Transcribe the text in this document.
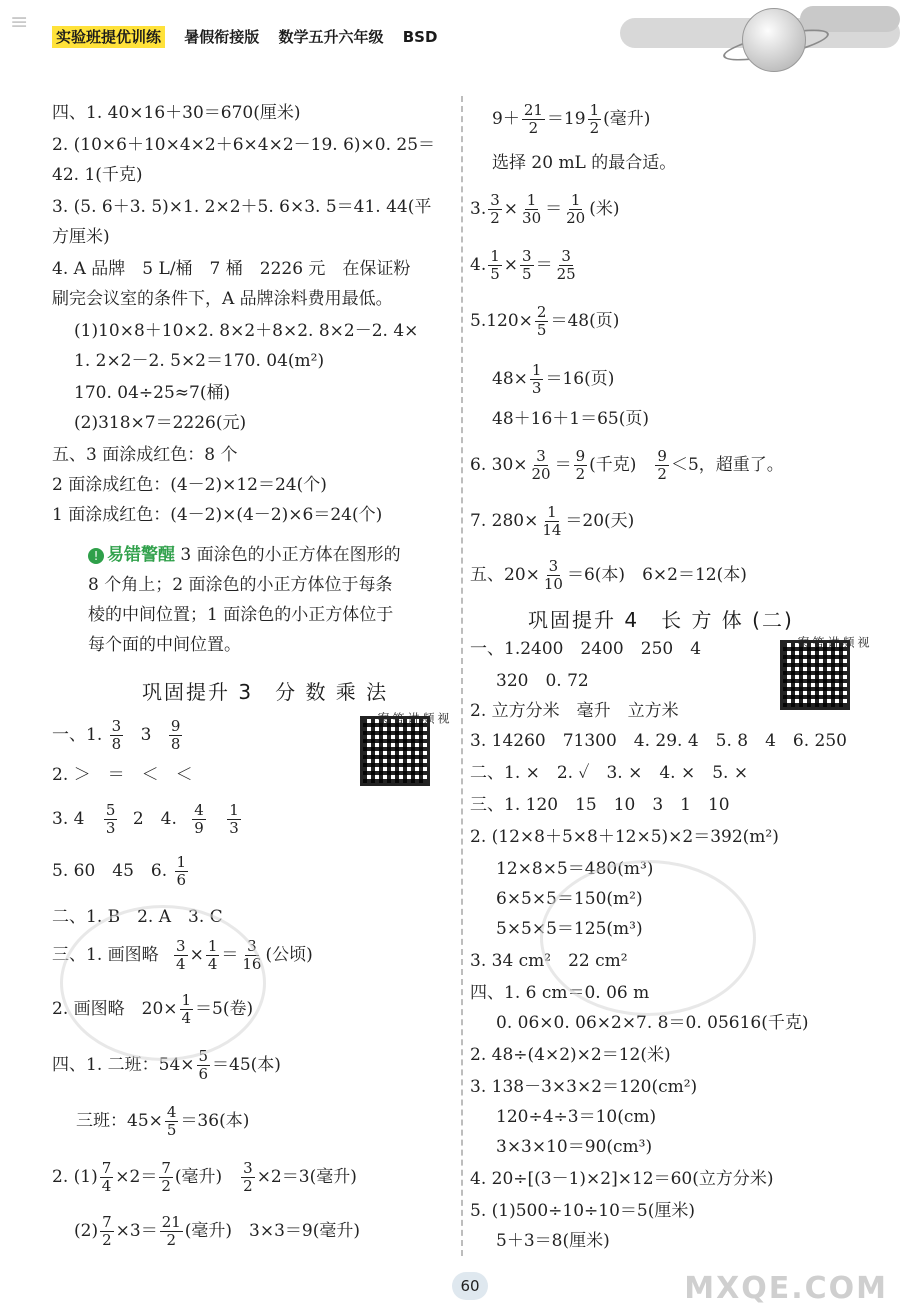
≡
实验班提优训练 暑假衔接版 数学五升六年级 BSD
四、1. 40×16＋30＝670(厘米)
2. (10×6＋10×4×2＋6×4×2－19. 6)×0. 25＝
42. 1(千克)
3. (5. 6＋3. 5)×1. 2×2＋5. 6×3. 5＝41. 44(平
方厘米)
4. A 品牌　5 L/桶　7 桶　2226 元　在保证粉
刷完会议室的条件下，A 品牌涂料费用最低。
(1)10×8＋10×2. 8×2＋8×2. 8×2－2. 4×
1. 2×2－2. 5×2＝170. 04(m²)
170. 04÷25≈7(桶)
(2)318×7＝2226(元)
五、3 面涂成红色：8 个
2 面涂成红色：(4－2)×12＝24(个)
1 面涂成红色：(4－2)×(4－2)×6＝24(个)
! 易错警醒 3 面涂色的小正方体在图形的
8 个角上；2 面涂色的小正方体位于每条
棱的中间位置；1 面涂色的小正方体位于
每个面的中间位置。
巩固提升 3　分 数 乘 法
视频讲答案
一、1. $\frac{3}{8} 3 \frac{9}{8}$
2. ＞　＝　＜　＜
3. $4 \frac{5}{3} 2$　4. $\frac{4}{9}$
$\frac{1}{3}$
5. 60　45　6. $\frac{1}{6}$
二、1. B　2. A　3. C
三、1. 画图略 $\frac{3}{4} \times \frac{1}{4} = \frac{3}{16}$ (公顷)
2. 画图略　$20\times \frac{1}{4} =5$(卷)
四、1. 二班：$54\times \frac{5}{6} =45$(本)
三班：$45\times \frac{4}{5} =36$(本)
2. $(1) \frac{7}{4} \times 2= \frac{7}{2}$ (毫升)　 $\frac{3}{2} \times 2=3$(毫升)
$(2) \frac{7}{2} \times 3= \frac{21}{2}$ (毫升)　3×3＝9(毫升)
$9+ \frac{21}{2} =19 \frac{1}{2}$ (毫升)
选择 20 mL 的最合适。
3. $\frac{3}{2} \times \frac{1}{30} = \frac{1}{20}$ (米)
4. $\frac{1}{5} \times \frac{3}{5} = \frac{3}{25}$
$5.120\times \frac{2}{5} =48$(页)
$48\times \frac{1}{3} =16$(页)
48＋16＋1＝65(页)
6. $30\times \frac{3}{20} = \frac{9}{2}$ (千克)　 $\frac{9}{2} <5$，超重了。
7. $280\times \frac{1}{14} =20$(天)
五、$20\times \frac{3}{10} =6$(本)　6×2＝12(本)
巩固提升 4　长 方 体 (二)
视频讲答案
一、1.2400　2400　250　4
320　0. 72
2. 立方分米　毫升　立方米
3. 14260　71300　4. 29. 4　5. 8　4　6. 250
二、1. ×　2. ✓　3. ×　4. ×　5. ×
三、1. 120　15　10　3　1　10
2. (12×8＋5×8＋12×5)×2＝392(m²)
12×8×5＝480(m³)
6×5×5＝150(m²)
5×5×5＝125(m³)
3. 34 cm²　22 cm²
四、1. 6 cm＝0. 06 m
0. 06×0. 06×2×7. 8＝0. 05616(千克)
2. 48÷(4×2)×2＝12(米)
3. 138－3×3×2＝120(cm²)
120÷4÷3＝10(cm)
3×3×10＝90(cm³)
4. 20÷[(3－1)×2]×12＝60(立方分米)
5. (1)500÷10÷10＝5(厘米)
5＋3＝8(厘米)
60	MXQE.COM
